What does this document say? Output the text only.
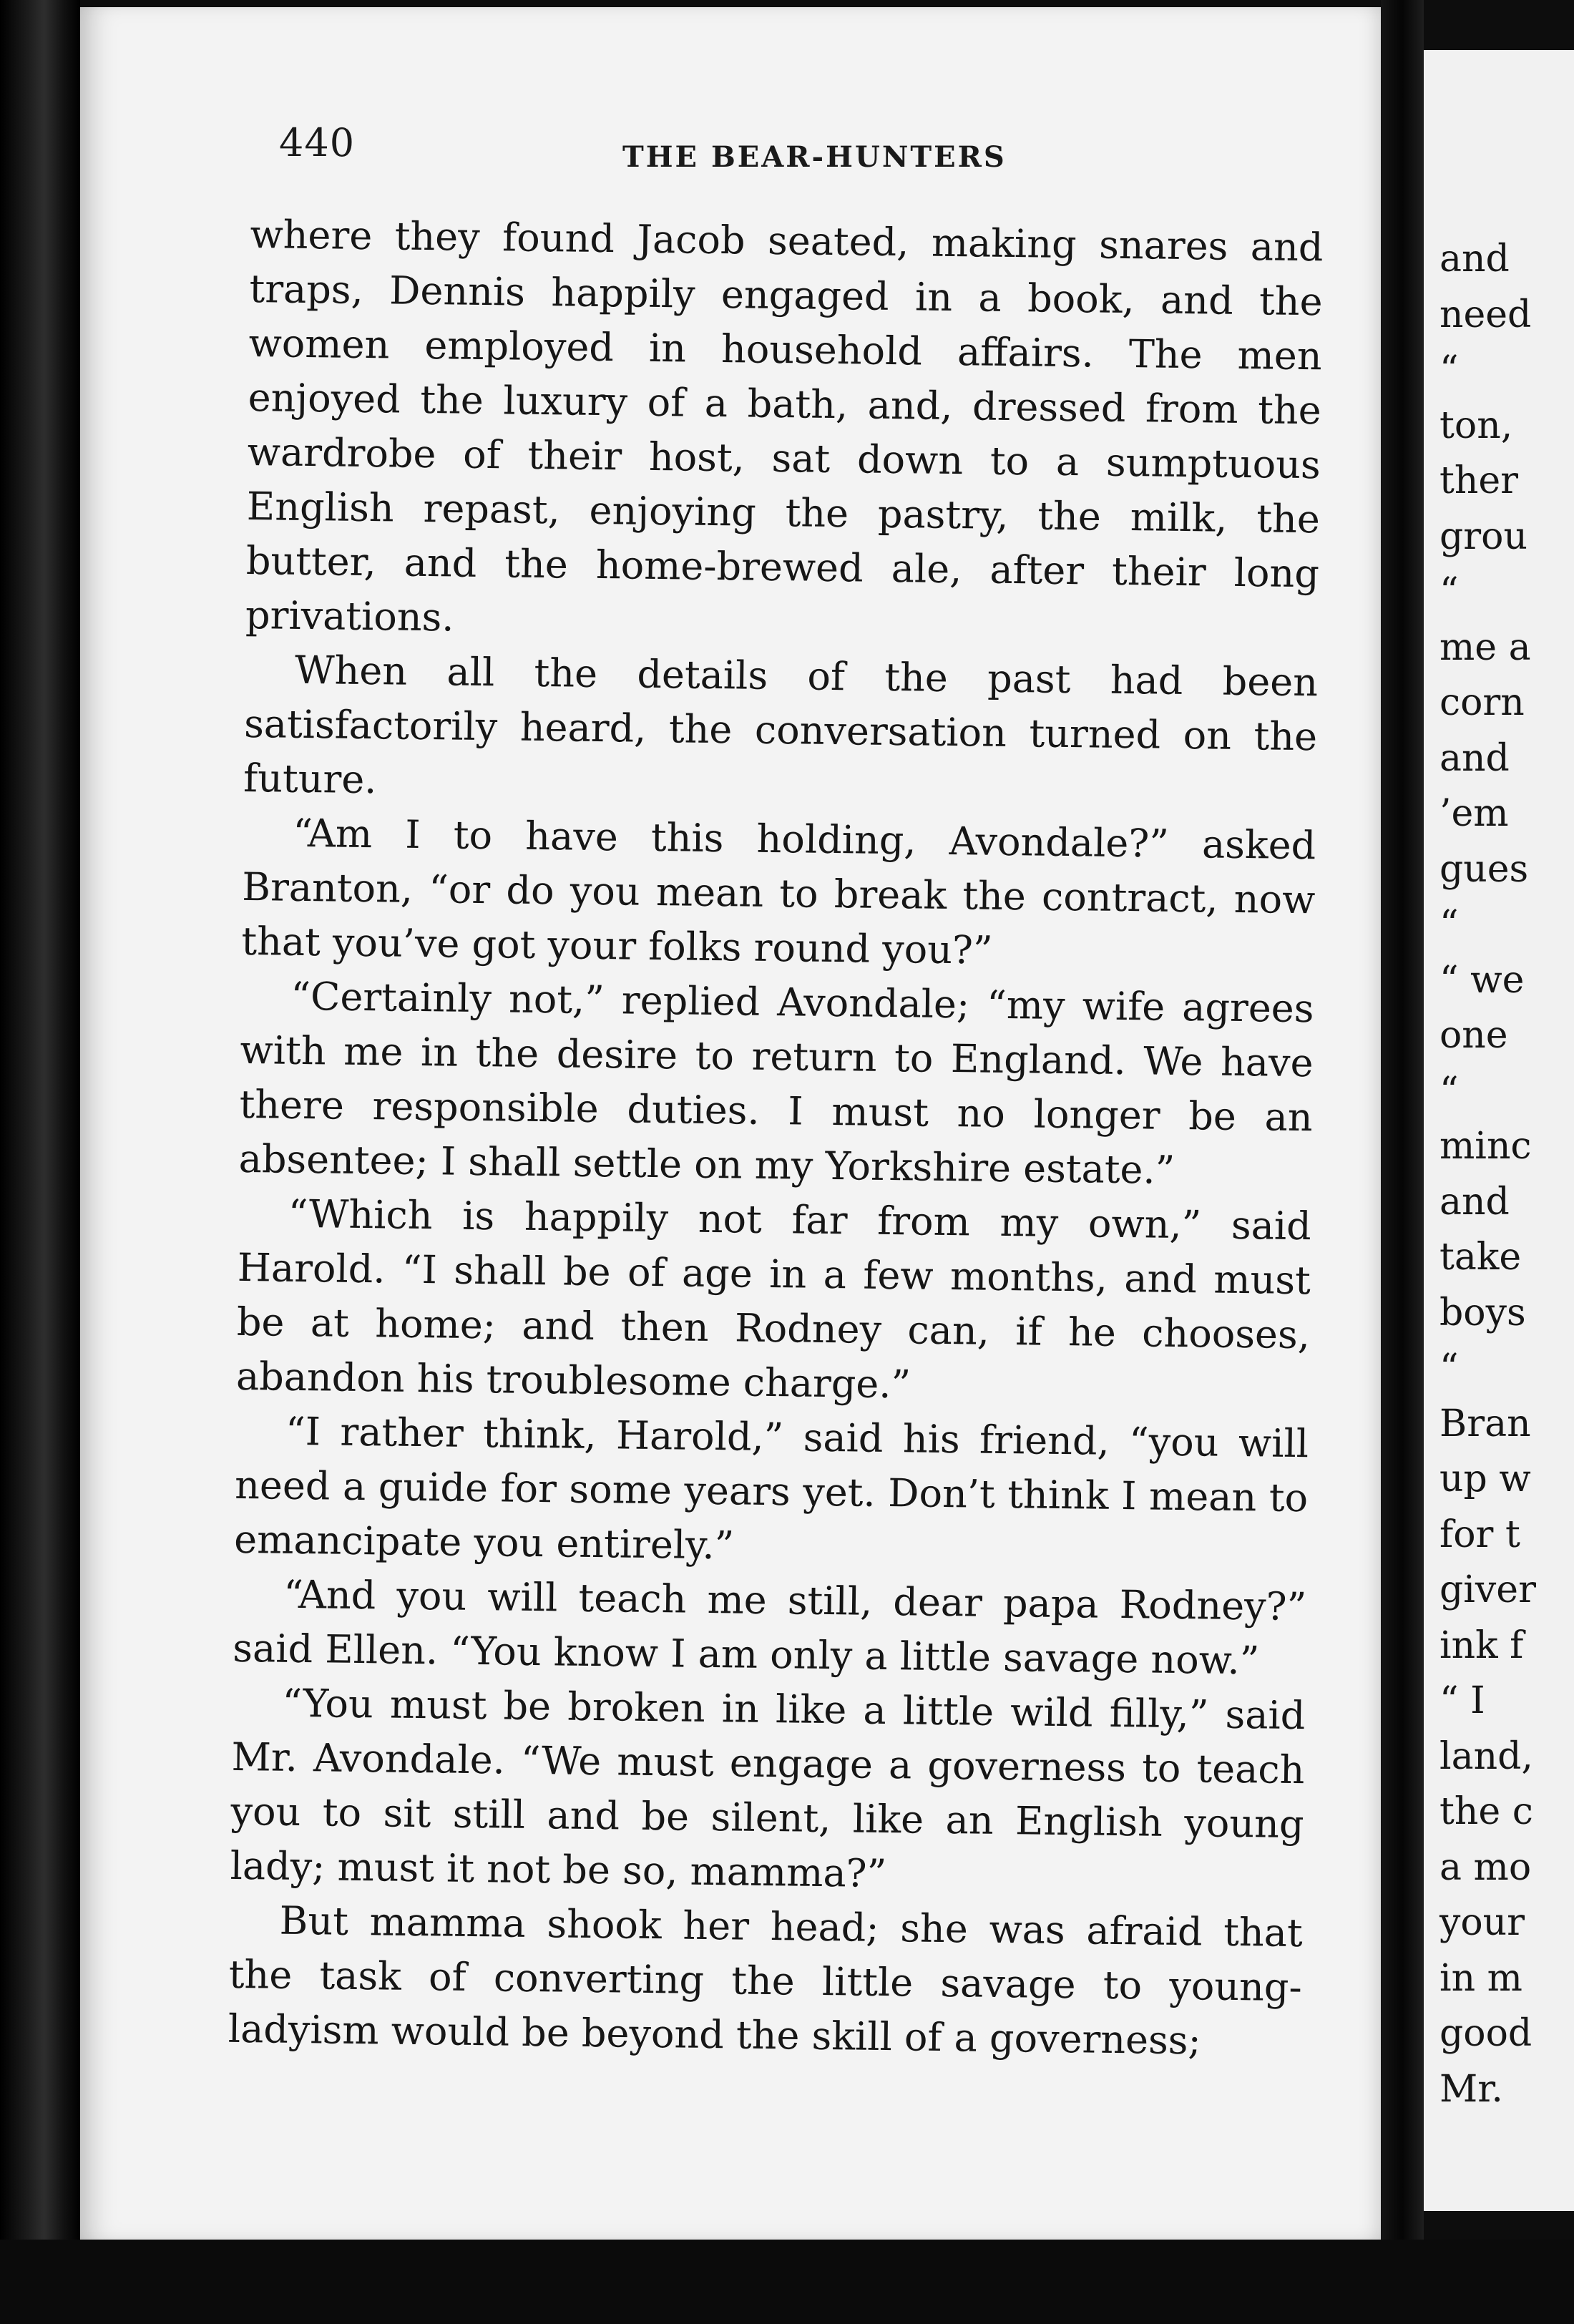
440	THE BEAR-HUNTERS

where they found Jacob seated, making snares and traps, Dennis happily engaged in a book, and the women employed in household affairs. The men enjoyed the luxury of a bath, and, dressed from the wardrobe of their host, sat down to a sumptuous English repast, enjoying the pastry, the milk, the butter, and the home-brewed ale, after their long privations.

When all the details of the past had been satisfactorily heard, the conversation turned on the future.

“Am I to have this holding, Avondale?” asked Branton, “or do you mean to break the contract, now that you’ve got your folks round you?”

“Certainly not,” replied Avondale; “my wife agrees with me in the desire to return to England. We have there responsible duties. I must no longer be an absentee; I shall settle on my Yorkshire estate.”

“Which is happily not far from my own,” said Harold. “I shall be of age in a few months, and must be at home; and then Rodney can, if he chooses, abandon his troublesome charge.”

“I rather think, Harold,” said his friend, “you will need a guide for some years yet. Don’t think I mean to emancipate you entirely.”

“And you will teach me still, dear papa Rodney?” said Ellen. “You know I am only a little savage now.”

“You must be broken in like a little wild filly,” said Mr. Avondale. “We must engage a governess to teach you to sit still and be silent, like an English young lady; must it not be so, mamma?”

But mamma shook her head; she was afraid that the task of converting the little savage to young-ladyism would be beyond the skill of a governess;

and
need
“
ton,
ther
grou
“
me a
corn
and
’em
gues
“
“ we
one
“
minc
and
take
boys
“
Bran
up w
for t
giver
ink f
“ I
land,
the c
a mo
your
in m
good
Mr.
